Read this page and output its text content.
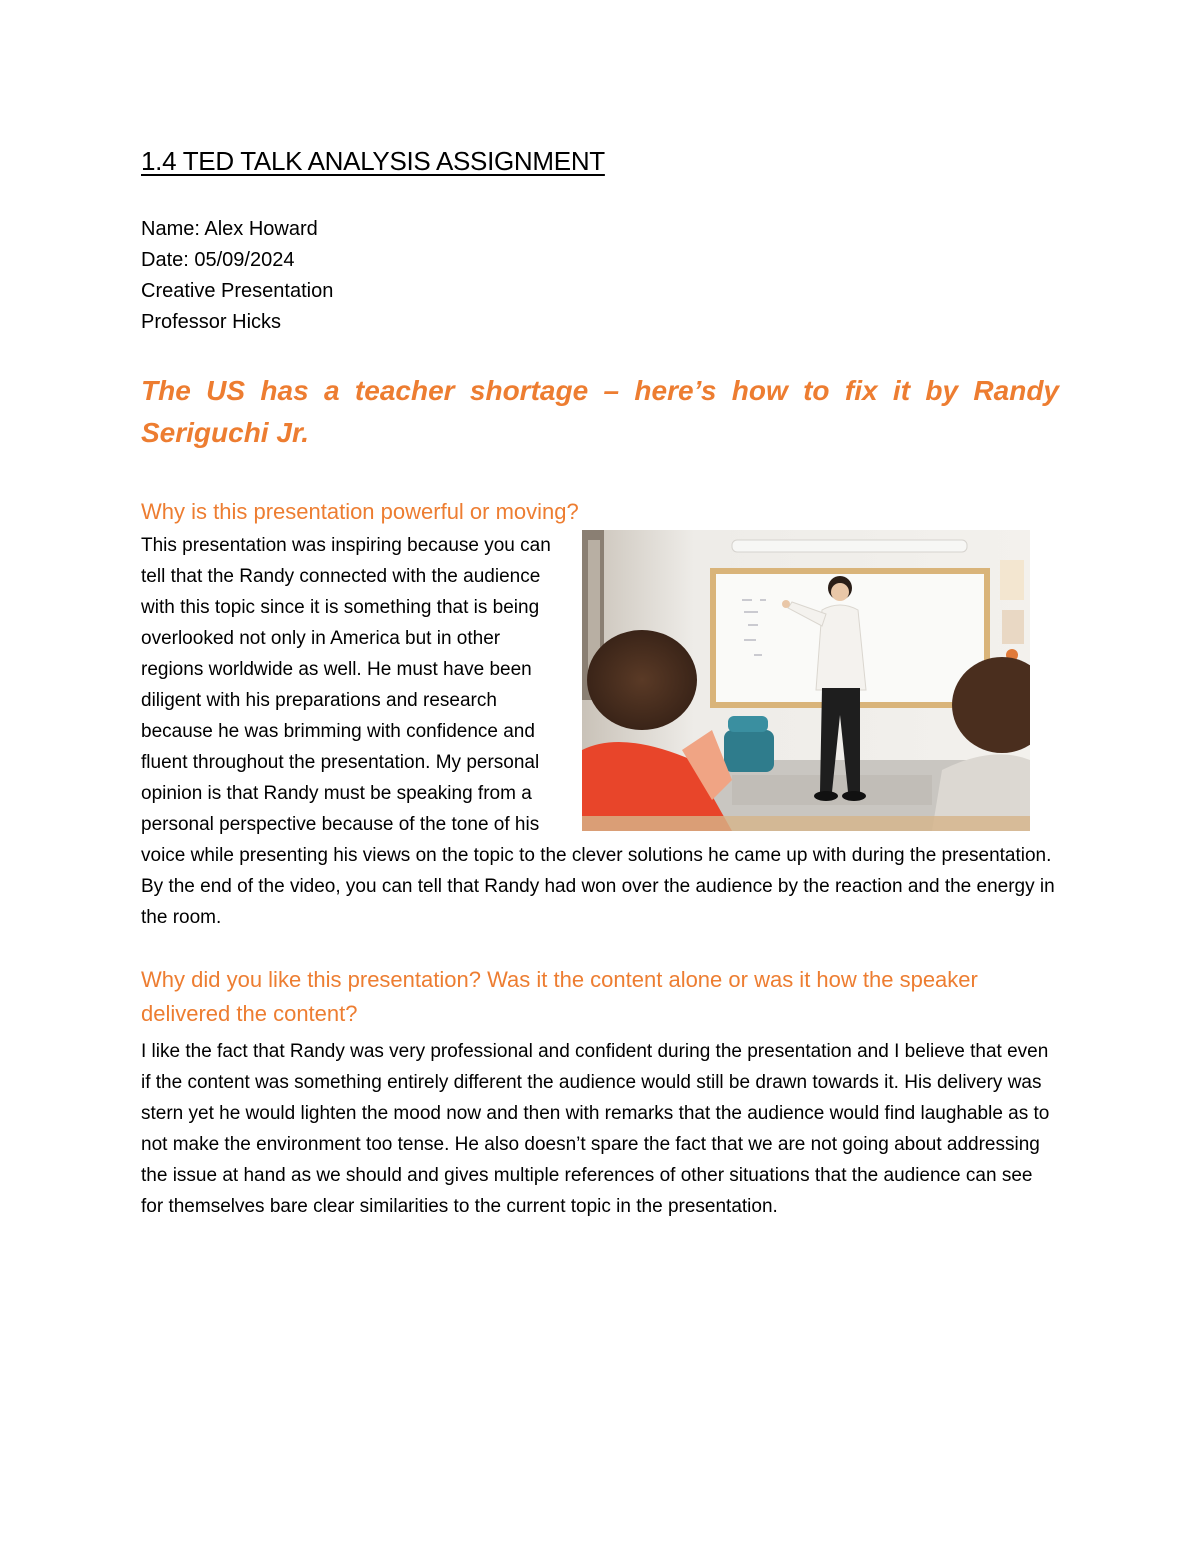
1.4 TED TALK ANALYSIS ASSIGNMENT
Name: Alex Howard
Date: 05/09/2024
Creative Presentation
Professor Hicks
The US has a teacher shortage – here’s how to fix it by Randy Seriguchi Jr.
Why is this presentation powerful or moving?
This presentation was inspiring because you can tell that the Randy connected with the audience with this topic since it is something that is being overlooked not only in America but in other regions worldwide as well. He must have been diligent with his preparations and research because he was brimming with confidence and fluent throughout the presentation. My personal opinion is that Randy must be speaking from a personal perspective because of the tone of his voice while presenting his views on the topic to the clever solutions he came up with during the presentation. By the end of the video, you can tell that Randy had won over the audience by the reaction and the energy in the room.
Why did you like this presentation? Was it the content alone or was it how the speaker delivered the content?
I like the fact that Randy was very professional and confident during the presentation and I believe that even if the content was something entirely different the audience would still be drawn towards it. His delivery was stern yet he would lighten the mood now and then with remarks that the audience would find laughable as to not make the environment too tense. He also doesn’t spare the fact that we are not going about addressing the issue at hand as we should and gives multiple references of other situations that the audience can see for themselves bare clear similarities to the current topic in the presentation.
